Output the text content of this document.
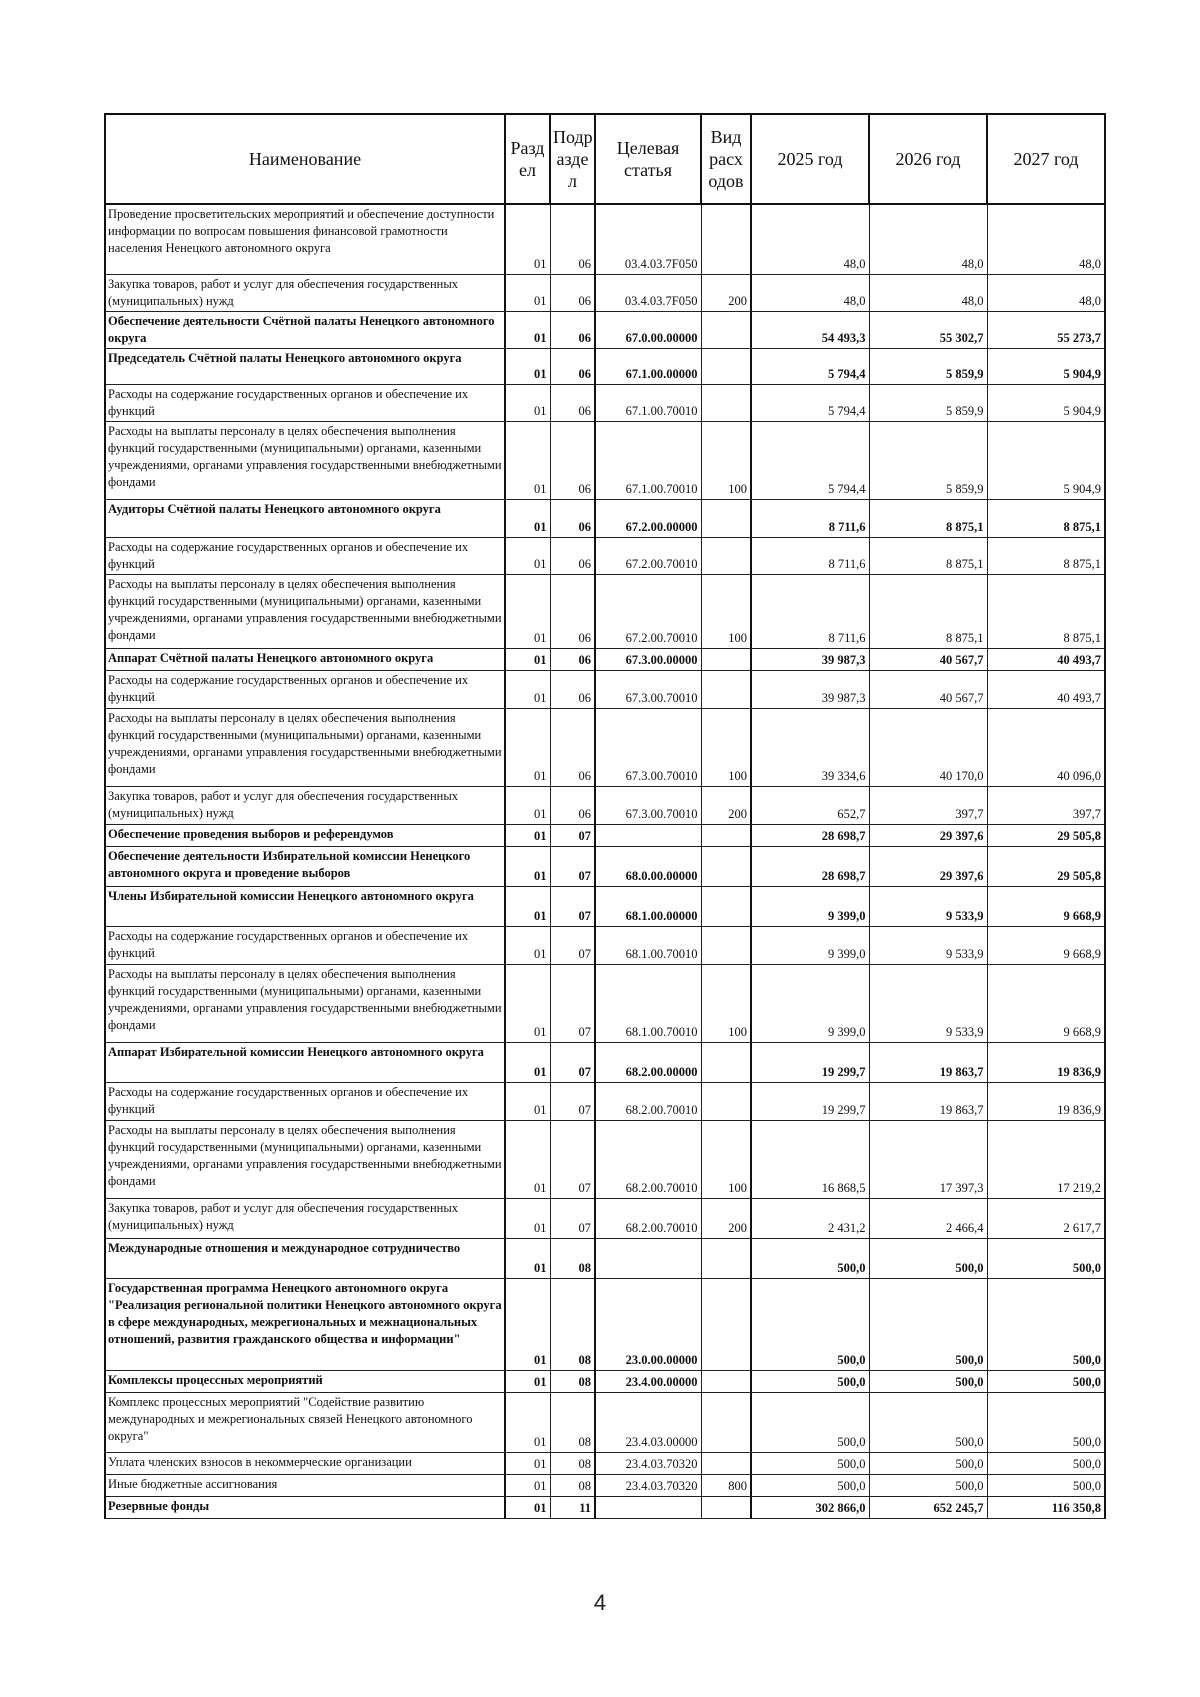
Наименование	Разд ел	Подр азде л	Целевая статья	Вид расх одов	2025 год	2026 год	2027 год
Проведение просветительских мероприятий и обеспечение доступности информации по вопросам повышения финансовой грамотности населения Ненецкого автономного округа	01	06	03.4.03.7F050		48,0	48,0	48,0
Закупка товаров, работ и услуг для обеспечения государственных (муниципальных) нужд	01	06	03.4.03.7F050	200	48,0	48,0	48,0
Обеспечение деятельности Счётной палаты Ненецкого автономного округа	01	06	67.0.00.00000		54 493,3	55 302,7	55 273,7
Председатель Счётной палаты Ненецкого автономного округа	01	06	67.1.00.00000		5 794,4	5 859,9	5 904,9
Расходы на содержание государственных органов и обеспечение их функций	01	06	67.1.00.70010		5 794,4	5 859,9	5 904,9
Расходы на выплаты персоналу в целях обеспечения выполнения функций государственными (муниципальными) органами, казенными учреждениями, органами управления государственными внебюджетными фондами	01	06	67.1.00.70010	100	5 794,4	5 859,9	5 904,9
Аудиторы Счётной палаты Ненецкого автономного округа	01	06	67.2.00.00000		8 711,6	8 875,1	8 875,1
Расходы на содержание государственных органов и обеспечение их функций	01	06	67.2.00.70010		8 711,6	8 875,1	8 875,1
Расходы на выплаты персоналу в целях обеспечения выполнения функций государственными (муниципальными) органами, казенными учреждениями, органами управления государственными внебюджетными фондами	01	06	67.2.00.70010	100	8 711,6	8 875,1	8 875,1
Аппарат Счётной палаты Ненецкого автономного округа	01	06	67.3.00.00000		39 987,3	40 567,7	40 493,7
Расходы на содержание государственных органов и обеспечение их функций	01	06	67.3.00.70010		39 987,3	40 567,7	40 493,7
Расходы на выплаты персоналу в целях обеспечения выполнения функций государственными (муниципальными) органами, казенными учреждениями, органами управления государственными внебюджетными фондами	01	06	67.3.00.70010	100	39 334,6	40 170,0	40 096,0
Закупка товаров, работ и услуг для обеспечения государственных (муниципальных) нужд	01	06	67.3.00.70010	200	652,7	397,7	397,7
Обеспечение проведения выборов и референдумов	01	07			28 698,7	29 397,6	29 505,8
Обеспечение деятельности Избирательной комиссии Ненецкого автономного округа и проведение выборов	01	07	68.0.00.00000		28 698,7	29 397,6	29 505,8
Члены Избирательной комиссии Ненецкого автономного округа	01	07	68.1.00.00000		9 399,0	9 533,9	9 668,9
Расходы на содержание государственных органов и обеспечение их функций	01	07	68.1.00.70010		9 399,0	9 533,9	9 668,9
Расходы на выплаты персоналу в целях обеспечения выполнения функций государственными (муниципальными) органами, казенными учреждениями, органами управления государственными внебюджетными фондами	01	07	68.1.00.70010	100	9 399,0	9 533,9	9 668,9
Аппарат Избирательной комиссии Ненецкого автономного округа	01	07	68.2.00.00000		19 299,7	19 863,7	19 836,9
Расходы на содержание государственных органов и обеспечение их функций	01	07	68.2.00.70010		19 299,7	19 863,7	19 836,9
Расходы на выплаты персоналу в целях обеспечения выполнения функций государственными (муниципальными) органами, казенными учреждениями, органами управления государственными внебюджетными фондами	01	07	68.2.00.70010	100	16 868,5	17 397,3	17 219,2
Закупка товаров, работ и услуг для обеспечения государственных (муниципальных) нужд	01	07	68.2.00.70010	200	2 431,2	2 466,4	2 617,7
Международные отношения и международное сотрудничество	01	08			500,0	500,0	500,0
Государственная программа Ненецкого автономного округа "Реализация региональной политики Ненецкого автономного округа в сфере международных, межрегиональных и межнациональных отношений, развития гражданского общества и информации"	01	08	23.0.00.00000		500,0	500,0	500,0
Комплексы процессных мероприятий	01	08	23.4.00.00000		500,0	500,0	500,0
Комплекс процессных мероприятий "Содействие развитию международных и межрегиональных связей Ненецкого автономного округа"	01	08	23.4.03.00000		500,0	500,0	500,0
Уплата членских взносов в некоммерческие организации	01	08	23.4.03.70320		500,0	500,0	500,0
Иные бюджетные ассигнования	01	08	23.4.03.70320	800	500,0	500,0	500,0
Резервные фонды	01	11			302 866,0	652 245,7	116 350,8
4
